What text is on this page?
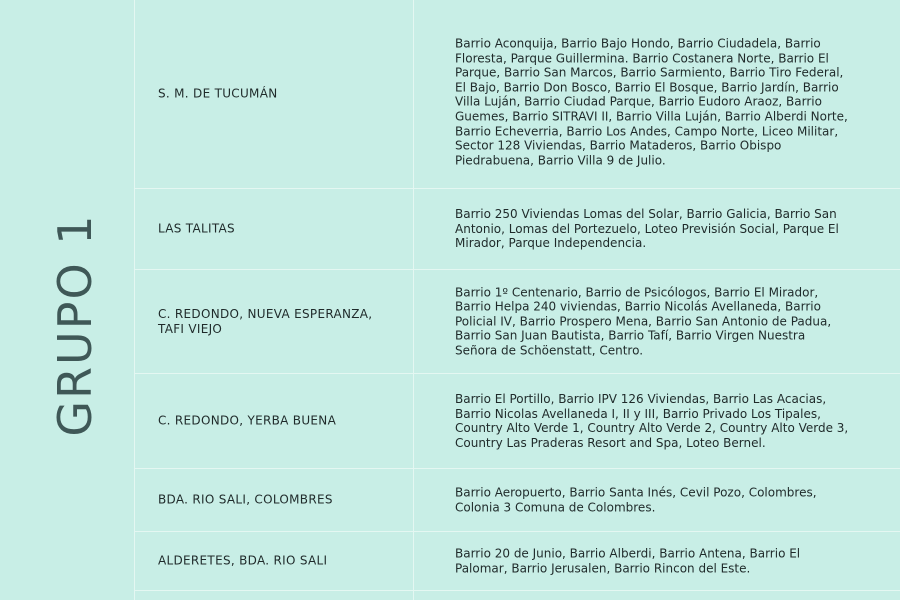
GRUPO 1
S. M. DE TUCUMÁN
Barrio Aconquija, Barrio Bajo Hondo, Barrio Ciudadela, Barrio Floresta, Parque Guillermina. Barrio Costanera Norte, Barrio El Parque, Barrio San Marcos, Barrio Sarmiento, Barrio Tiro Federal, El Bajo, Barrio Don Bosco, Barrio El Bosque, Barrio Jardín, Barrio Villa Luján, Barrio Ciudad Parque, Barrio Eudoro Araoz, Barrio Guemes, Barrio SITRAVI II, Barrio Villa Luján, Barrio Alberdi Norte, Barrio Echeverria, Barrio Los Andes, Campo Norte, Liceo Militar, Sector 128 Viviendas, Barrio Mataderos, Barrio Obispo Piedrabuena, Barrio Villa 9 de Julio.
LAS TALITAS
Barrio 250 Viviendas Lomas del Solar, Barrio Galicia, Barrio San Antonio, Lomas del Portezuelo, Loteo Previsión Social, Parque El Mirador, Parque Independencia.
C. REDONDO, NUEVA ESPERANZA, TAFI VIEJO
Barrio 1º Centenario, Barrio de Psicólogos, Barrio El Mirador, Barrio Helpa 240 viviendas, Barrio Nicolás Avellaneda, Barrio Policial IV, Barrio Prospero Mena, Barrio San Antonio de Padua, Barrio San Juan Bautista, Barrio Tafí, Barrio Virgen Nuestra Señora de Schöenstatt, Centro.
C. REDONDO, YERBA BUENA
Barrio El Portillo, Barrio IPV 126 Viviendas, Barrio Las Acacias, Barrio Nicolas Avellaneda I, II y III, Barrio Privado Los Tipales, Country Alto Verde 1, Country Alto Verde 2, Country Alto Verde 3, Country Las Praderas Resort and Spa, Loteo Bernel.
BDA. RIO SALI, COLOMBRES
Barrio Aeropuerto, Barrio Santa Inés, Cevil Pozo, Colombres, Colonia 3 Comuna de Colombres.
ALDERETES, BDA. RIO SALI
Barrio 20 de Junio, Barrio Alberdi, Barrio Antena, Barrio El Palomar, Barrio Jerusalen, Barrio Rincon del Este.
